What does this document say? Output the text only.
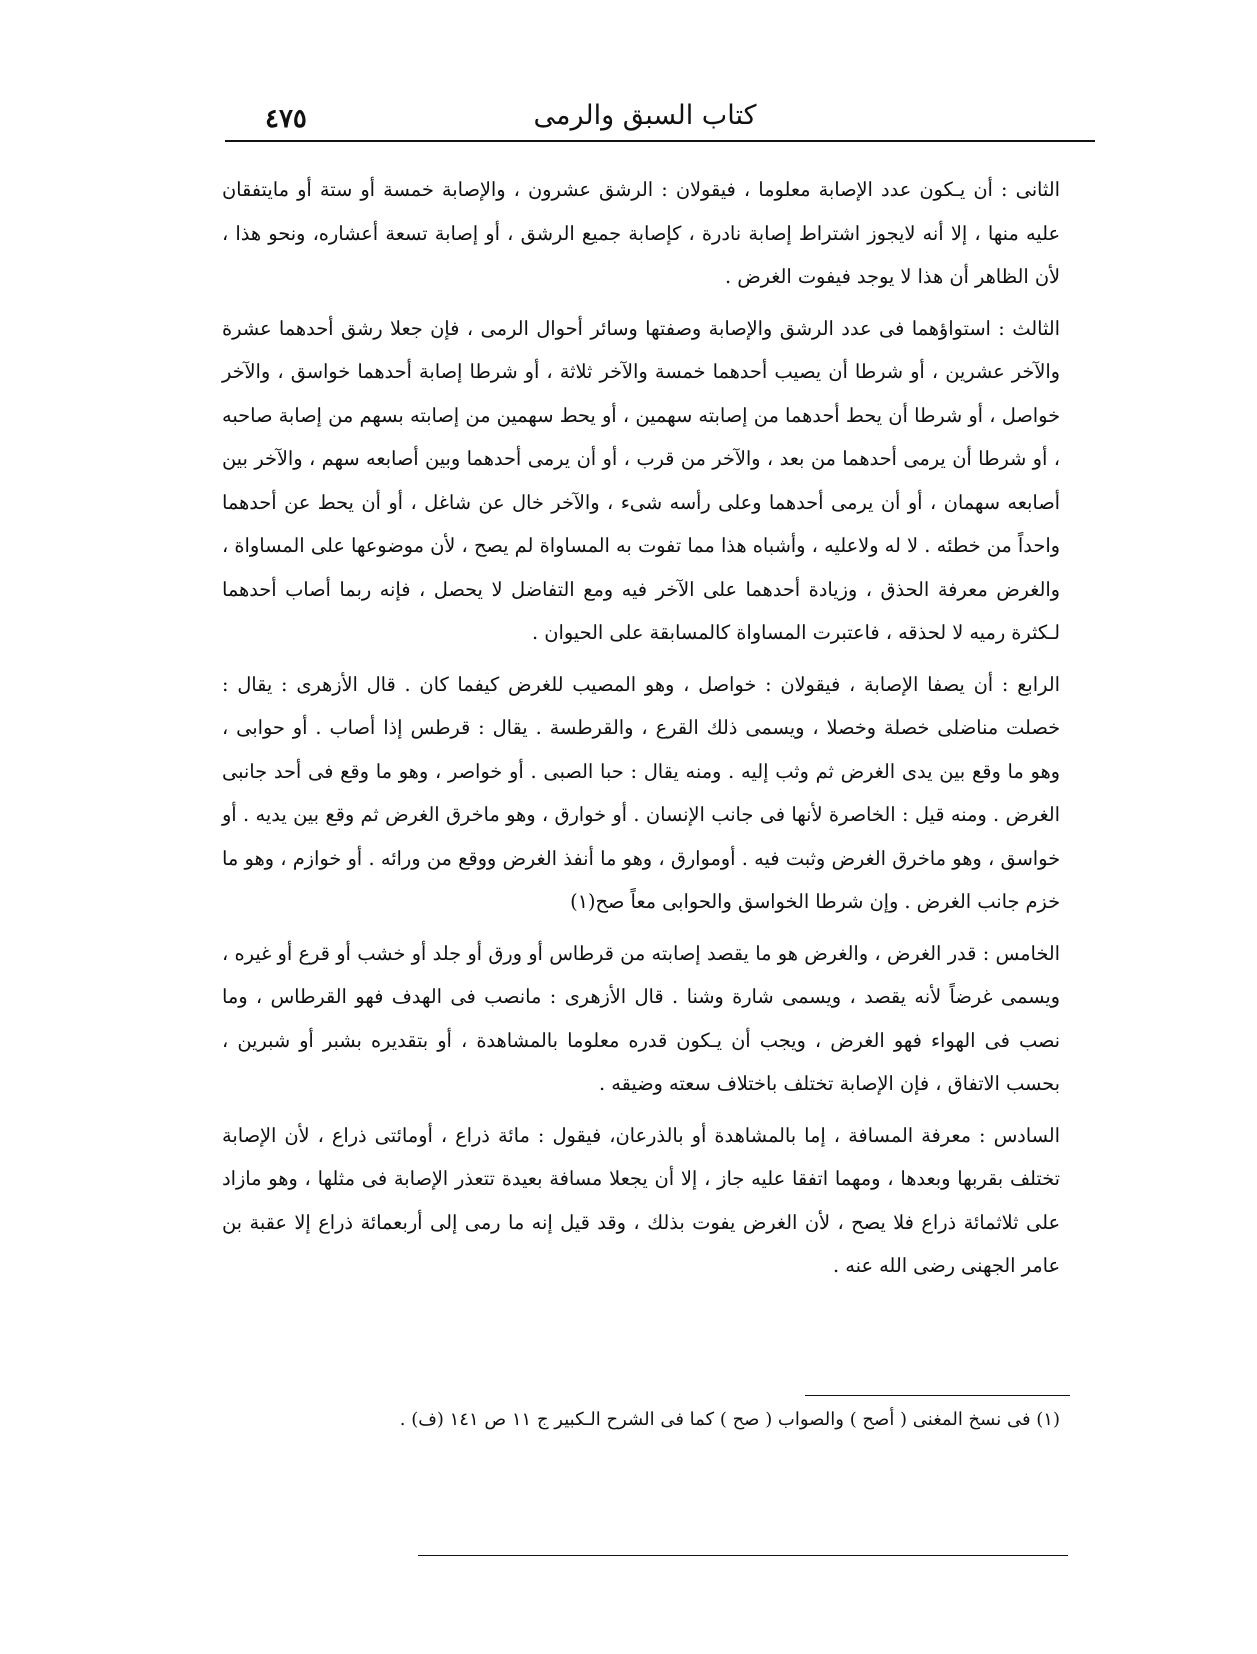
كتاب السبق والرمى
٤٧٥

الثانى : أن يـكون عدد الإصابة معلوما ، فيقولان : الرشق عشرون ، والإصابة خمسة أو ستة أو مايتفقان عليه منها ، إلا أنه لايجوز اشتراط إصابة نادرة ، كإصابة جميع الرشق ، أو إصابة تسعة أعشاره، ونحو هذا ، لأن الظاهر أن هذا لا يوجد فيفوت الغرض .

الثالث : استواؤهما فى عدد الرشق والإصابة وصفتها وسائر أحوال الرمى ، فإن جعلا رشق أحدهما عشرة والآخر عشرين ، أو شرطا أن يصيب أحدهما خمسة والآخر ثلاثة ، أو شرطا إصابة أحدهما خواسق ، والآخر خواصل ، أو شرطا أن يحط أحدهما من إصابته سهمين ، أو يحط سهمين من إصابته بسهم من إصابة صاحبه ، أو شرطا أن يرمى أحدهما من بعد ، والآخر من قرب ، أو أن يرمى أحدهما وبين أصابعه سهم ، والآخر بين أصابعه سهمان ، أو أن يرمى أحدهما وعلى رأسه شىء ، والآخر خال عن شاغل ، أو أن يحط عن أحدهما واحداً من خطئه . لا له ولاعليه ، وأشباه هذا مما تفوت به المساواة لم يصح ، لأن موضوعها على المساواة ، والغرض معرفة الحذق ، وزيادة أحدهما على الآخر فيه ومع التفاضل لا يحصل ، فإنه ربما أصاب أحدهما لـكثرة رميه لا لحذقه ، فاعتبرت المساواة كالمسابقة على الحيوان .

الرابع : أن يصفا الإصابة ، فيقولان : خواصل ، وهو المصيب للغرض كيفما كان . قال الأزهرى : يقال : خصلت مناضلى خصلة وخصلا ، ويسمى ذلك القرع ، والقرطسة . يقال : قرطس إذا أصاب . أو حوابى ، وهو ما وقع بين يدى الغرض ثم وثب إليه . ومنه يقال : حبا الصبى . أو خواصر ، وهو ما وقع فى أحد جانبى الغرض . ومنه قيل : الخاصرة لأنها فى جانب الإنسان . أو خوارق ، وهو ماخرق الغرض ثم وقع بين يديه . أو خواسق ، وهو ماخرق الغرض وثبت فيه . أوموارق ، وهو ما أنفذ الغرض ووقع من ورائه . أو خوازم ، وهو ما خزم جانب الغرض . وإن شرطا الخواسق والحوابى معاً صح(١)

الخامس : قدر الغرض ، والغرض هو ما يقصد إصابته من قرطاس أو ورق أو جلد أو خشب أو قرع أو غيره ، ويسمى غرضاً لأنه يقصد ، ويسمى شارة وشنا . قال الأزهرى : مانصب فى الهدف فهو القرطاس ، وما نصب فى الهواء فهو الغرض ، ويجب أن يـكون قدره معلوما بالمشاهدة ، أو بتقديره بشبر أو شبرين ، بحسب الاتفاق ، فإن الإصابة تختلف باختلاف سعته وضيقه .

السادس : معرفة المسافة ، إما بالمشاهدة أو بالذرعان، فيقول : مائة ذراع ، أومائتى ذراع ، لأن الإصابة تختلف بقربها وبعدها ، ومهما اتفقا عليه جاز ، إلا أن يجعلا مسافة بعيدة تتعذر الإصابة فى مثلها ، وهو مازاد على ثلاثمائة ذراع فلا يصح ، لأن الغرض يفوت بذلك ، وقد قيل إنه ما رمى إلى أربعمائة ذراع إلا عقبة بن عامر الجهنى رضى الله عنه .

(١) فى نسخ المغنى ( أصح ) والصواب ( صح ) كما فى الشرح الـكبير ج ١١ ص ١٤١ (ف) .
